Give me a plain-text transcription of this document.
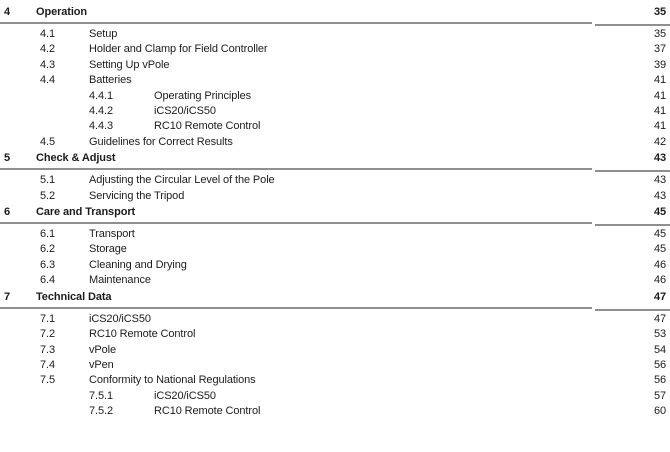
4	Operation	35
4.1	Setup	35
4.2	Holder and Clamp for Field Controller	37
4.3	Setting Up vPole	39
4.4	Batteries	41
4.4.1	Operating Principles	41
4.4.2	iCS20/iCS50	41
4.4.3	RC10 Remote Control	41
4.5	Guidelines for Correct Results	42
5	Check & Adjust	43
5.1	Adjusting the Circular Level of the Pole	43
5.2	Servicing the Tripod	43
6	Care and Transport	45
6.1	Transport	45
6.2	Storage	45
6.3	Cleaning and Drying	46
6.4	Maintenance	46
7	Technical Data	47
7.1	iCS20/iCS50	47
7.2	RC10 Remote Control	53
7.3	vPole	54
7.4	vPen	56
7.5	Conformity to National Regulations	56
7.5.1	iCS20/iCS50	57
7.5.2	RC10 Remote Control	60
